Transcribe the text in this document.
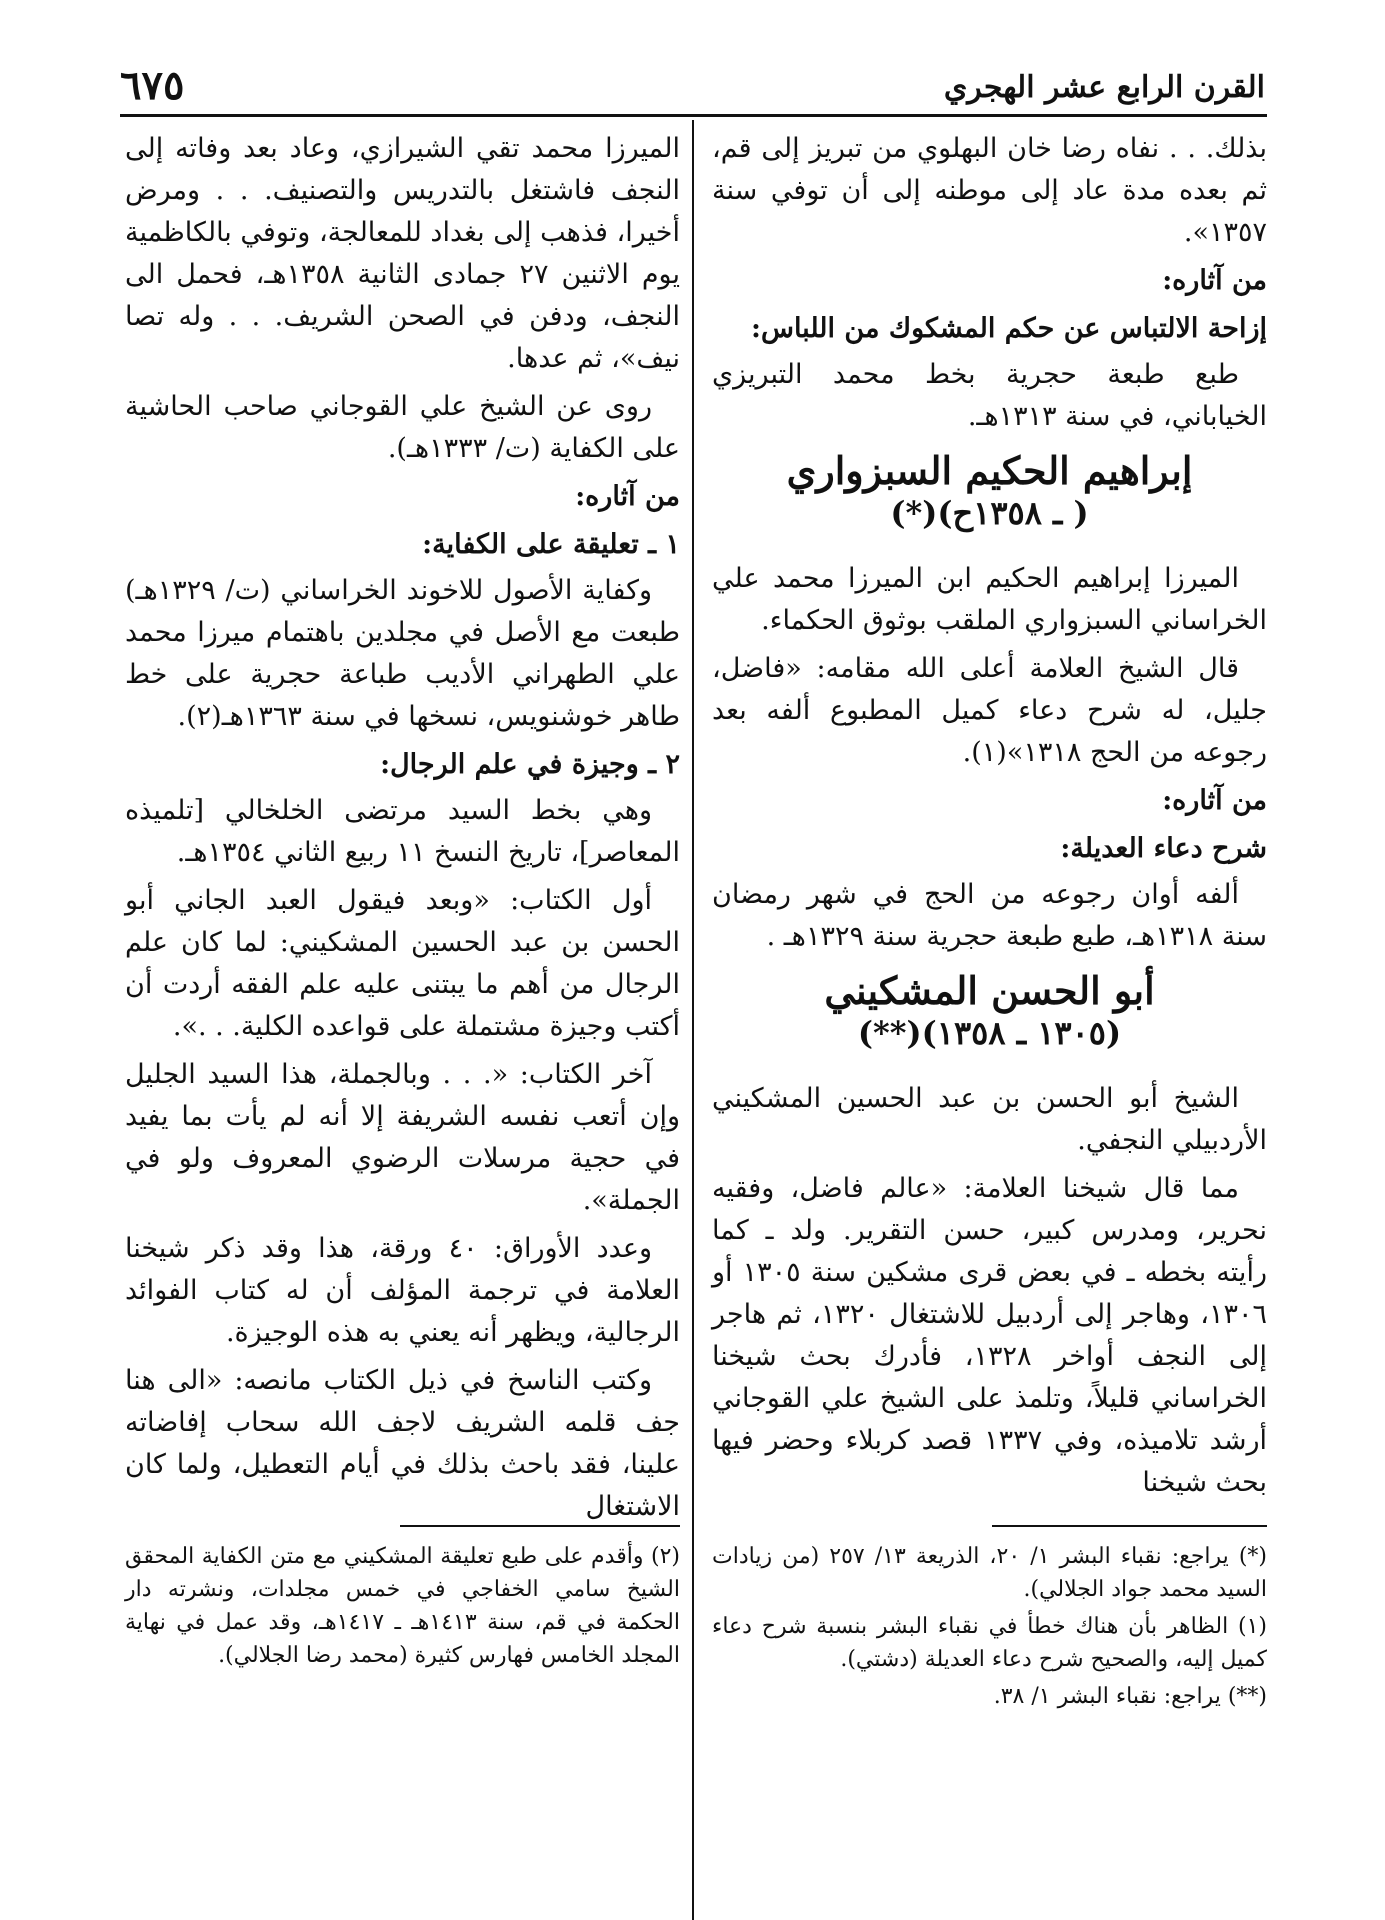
القرن الرابع عشر الهجري
٦٧٥

بذلك. . . نفاه رضا خان البهلوي من تبريز إلى قم، ثم بعده مدة عاد إلى موطنه إلى أن توفي سنة ١٣٥٧».

من آثاره:
إزاحة الالتباس عن حكم المشكوك من اللباس:

طبع طبعة حجرية بخط محمد التبريزي الخياباني، في سنة ١٣١٣هـ.

إبراهيم الحكيم السبزواري
( ـ ١٣٥٨ح)(*)

الميرزا إبراهيم الحكيم ابن الميرزا محمد علي الخراساني السبزواري الملقب بوثوق الحكماء.

قال الشيخ العلامة أعلى الله مقامه: «فاضل، جليل، له شرح دعاء كميل المطبوع ألفه بعد رجوعه من الحج ١٣١٨»(١).

من آثاره:
شرح دعاء العديلة:

ألفه أوان رجوعه من الحج في شهر رمضان سنة ١٣١٨هـ، طبع طبعة حجرية سنة ١٣٢٩هـ .

أبو الحسن المشكيني
(١٣٠٥ ـ ١٣٥٨)(**)

الشيخ أبو الحسن بن عبد الحسين المشكيني الأردبيلي النجفي.

مما قال شيخنا العلامة: «عالم فاضل، وفقيه نحرير، ومدرس كبير، حسن التقرير. ولد ـ كما رأيته بخطه ـ في بعض قرى مشكين سنة ١٣٠٥ أو ١٣٠٦، وهاجر إلى أردبيل للاشتغال ١٣٢٠، ثم هاجر إلى النجف أواخر ١٣٢٨، فأدرك بحث شيخنا الخراساني قليلاً، وتلمذ على الشيخ علي القوجاني أرشد تلاميذه، وفي ١٣٣٧ قصد كربلاء وحضر فيها بحث شيخنا

الميرزا محمد تقي الشيرازي، وعاد بعد وفاته إلى النجف فاشتغل بالتدريس والتصنيف. . . ومرض أخيرا، فذهب إلى بغداد للمعالجة، وتوفي بالكاظمية يوم الاثنين ٢٧ جمادى الثانية ١٣٥٨هـ، فحمل الى النجف، ودفن في الصحن الشريف. . . وله تصا نيف»، ثم عدها.

روى عن الشيخ علي القوجاني صاحب الحاشية على الكفاية (ت/ ١٣٣٣هـ).

من آثاره:
١ ـ تعليقة على الكفاية:

وكفاية الأصول للاخوند الخراساني (ت/ ١٣٢٩هـ) طبعت مع الأصل في مجلدين باهتمام ميرزا محمد علي الطهراني الأديب طباعة حجرية على خط طاهر خوشنويس، نسخها في سنة ١٣٦٣هـ(٢).

٢ ـ وجيزة في علم الرجال:

وهي بخط السيد مرتضى الخلخالي [تلميذه المعاصر]، تاريخ النسخ ١١ ربيع الثاني ١٣٥٤هـ.

أول الكتاب: «وبعد فيقول العبد الجاني أبو الحسن بن عبد الحسين المشكيني: لما كان علم الرجال من أهم ما يبتنى عليه علم الفقه أردت أن أكتب وجيزة مشتملة على قواعده الكلية. . .».

آخر الكتاب: «. . . وبالجملة، هذا السيد الجليل وإن أتعب نفسه الشريفة إلا أنه لم يأت بما يفيد في حجية مرسلات الرضوي المعروف ولو في الجملة».

وعدد الأوراق: ٤٠ ورقة، هذا وقد ذكر شيخنا العلامة في ترجمة المؤلف أن له كتاب الفوائد الرجالية، ويظهر أنه يعني به هذه الوجيزة.

وكتب الناسخ في ذيل الكتاب مانصه: «الى هنا جف قلمه الشريف لاجف الله سحاب إفاضاته علينا، فقد باحث بذلك في أيام التعطيل، ولما كان الاشتغال

(*) يراجع: نقباء البشر ١/ ٢٠، الذريعة ١٣/ ٢٥٧ (من زيادات السيد محمد جواد الجلالي).

(١) الظاهر بأن هناك خطأ في نقباء البشر بنسبة شرح دعاء كميل إليه، والصحيح شرح دعاء العديلة (دشتي).

(**) يراجع: نقباء البشر ١/ ٣٨.

(٢) وأقدم على طبع تعليقة المشكيني مع متن الكفاية المحقق الشيخ سامي الخفاجي في خمس مجلدات، ونشرته دار الحكمة في قم، سنة ١٤١٣هـ ـ ١٤١٧هـ، وقد عمل في نهاية المجلد الخامس فهارس كثيرة (محمد رضا الجلالي).
